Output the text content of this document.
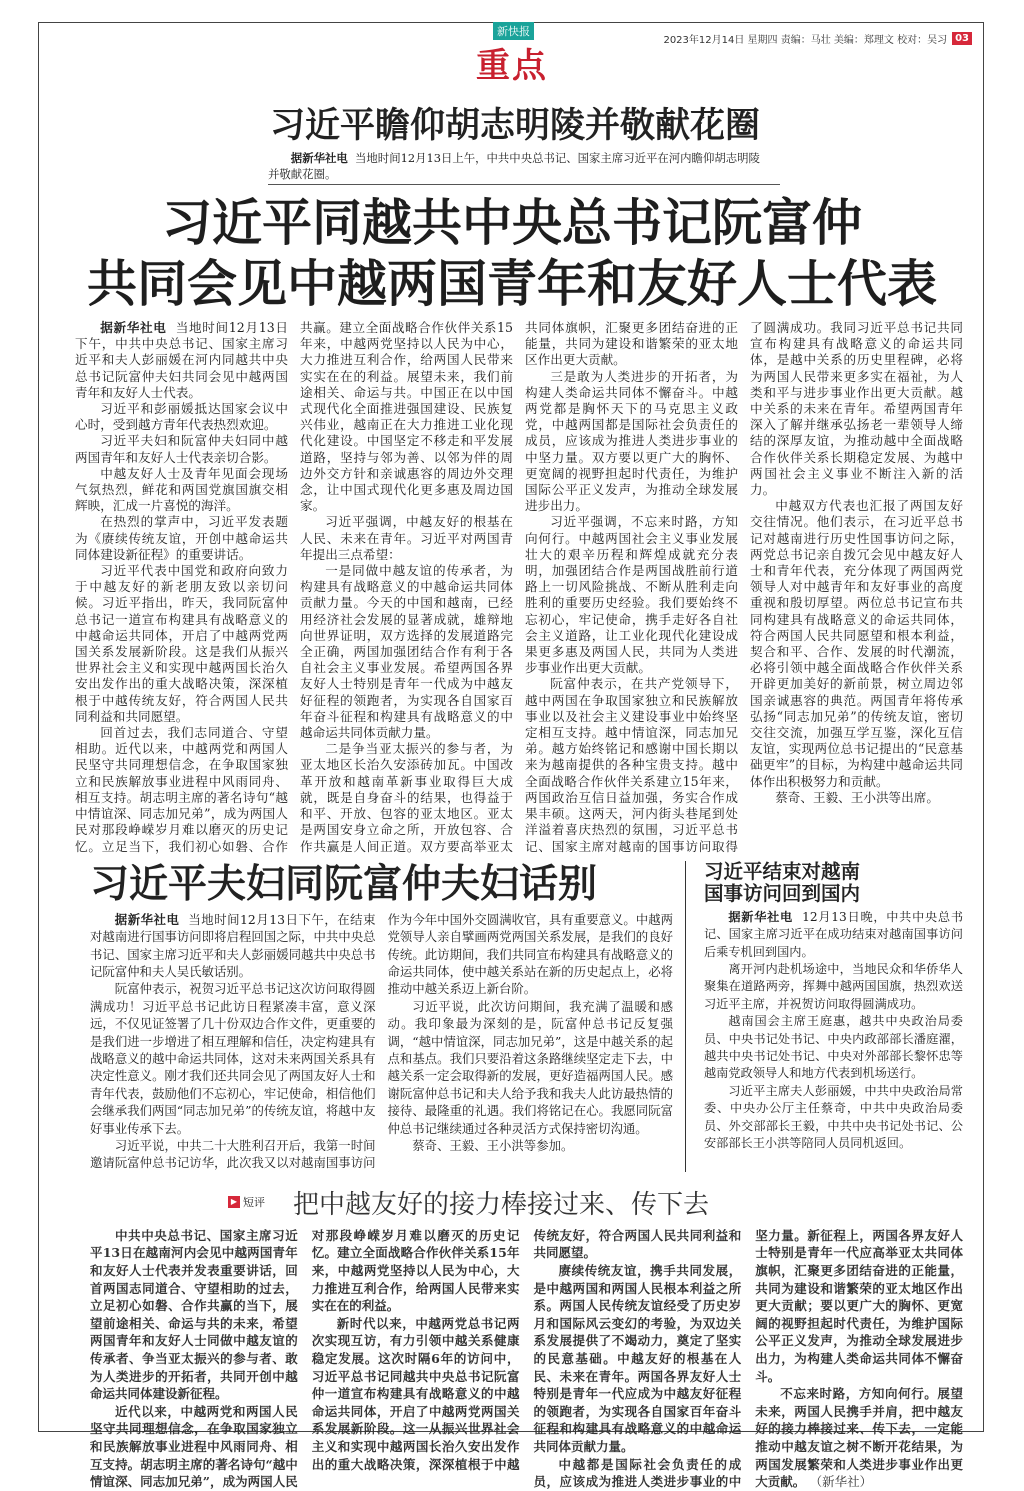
新快报
重点
2023年12月14日 星期四 责编：马壮 美编：郑理文 校对：吴习 03
习近平瞻仰胡志明陵并敬献花圈
据新华社电 当地时间12月13日上午，中共中央总书记、国家主席习近平在河内瞻仰胡志明陵并敬献花圈。
习近平同越共中央总书记阮富仲
共同会见中越两国青年和友好人士代表

据新华社电 当地时间12月13日下午，中共中央总书记、国家主席习近平和夫人彭丽媛在河内同越共中央总书记阮富仲夫妇共同会见中越两国青年和友好人士代表。

习近平和彭丽媛抵达国家会议中心时，受到越方青年代表热烈欢迎。

习近平夫妇和阮富仲夫妇同中越两国青年和友好人士代表亲切合影。

中越友好人士及青年见面会现场气氛热烈，鲜花和两国党旗国旗交相辉映，汇成一片喜悦的海洋。

在热烈的掌声中，习近平发表题为《赓续传统友谊，开创中越命运共同体建设新征程》的重要讲话。

习近平代表中国党和政府向致力于中越友好的新老朋友致以亲切问候。习近平指出，昨天，我同阮富仲总书记一道宣布构建具有战略意义的中越命运共同体，开启了中越两党两国关系发展新阶段。这是我们从振兴世界社会主义和实现中越两国长治久安出发作出的重大战略决策，深深植根于中越传统友好，符合两国人民共同利益和共同愿望。

回首过去，我们志同道合、守望相助。近代以来，中越两党和两国人民坚守共同理想信念，在争取国家独立和民族解放事业进程中风雨同舟、相互支持。胡志明主席的著名诗句“越中情谊深、同志加兄弟”，成为两国人民对那段峥嵘岁月难以磨灭的历史记忆。立足当下，我们初心如磐、合作共赢。建立全面战略合作伙伴关系15年来，中越两党坚持以人民为中心，大力推进互利合作，给两国人民带来实实在在的利益。展望未来，我们前途相关、命运与共。中国正在以中国式现代化全面推进强国建设、民族复兴伟业，越南正在大力推进工业化现代化建设。中国坚定不移走和平发展道路，坚持与邻为善、以邻为伴的周边外交方针和亲诚惠容的周边外交理念，让中国式现代化更多惠及周边国家。

习近平强调，中越友好的根基在人民、未来在青年。习近平对两国青年提出三点希望：

一是同做中越友谊的传承者，为构建具有战略意义的中越命运共同体贡献力量。今天的中国和越南，已经用经济社会发展的显著成就，雄辩地向世界证明，双方选择的发展道路完全正确，两国加强团结合作有利于各自社会主义事业发展。希望两国各界友好人士特别是青年一代成为中越友好征程的领跑者，为实现各自国家百年奋斗征程和构建具有战略意义的中越命运共同体贡献力量。

二是争当亚太振兴的参与者，为亚太地区长治久安添砖加瓦。中国改革开放和越南革新事业取得巨大成就，既是自身奋斗的结果，也得益于和平、开放、包容的亚太地区。亚太是两国安身立命之所，开放包容、合作共赢是人间正道。双方要高举亚太共同体旗帜，汇聚更多团结奋进的正能量，共同为建设和谐繁荣的亚太地区作出更大贡献。

三是敢为人类进步的开拓者，为构建人类命运共同体不懈奋斗。中越两党都是胸怀天下的马克思主义政党，中越两国都是国际社会负责任的成员，应该成为推进人类进步事业的中坚力量。双方要以更广大的胸怀、更宽阔的视野担起时代责任，为维护国际公平正义发声，为推动全球发展进步出力。

习近平强调，不忘来时路，方知向何行。中越两国社会主义事业发展壮大的艰辛历程和辉煌成就充分表明，加强团结合作是两国战胜前行道路上一切风险挑战、不断从胜利走向胜利的重要历史经验。我们要始终不忘初心，牢记使命，携手走好各自社会主义道路，让工业化现代化建设成果更多惠及两国人民，共同为人类进步事业作出更大贡献。

阮富仲表示，在共产党领导下，越中两国在争取国家独立和民族解放事业以及社会主义建设事业中始终坚定相互支持。越中情谊深，同志加兄弟。越方始终铭记和感谢中国长期以来为越南提供的各种宝贵支持。越中全面战略合作伙伴关系建立15年来，两国政治互信日益加强，务实合作成果丰硕。这两天，河内街头巷尾到处洋溢着喜庆热烈的氛围，习近平总书记、国家主席对越南的国事访问取得了圆满成功。我同习近平总书记共同宣布构建具有战略意义的命运共同体，是越中关系的历史里程碑，必将为两国人民带来更多实在福祉，为人类和平与进步事业作出更大贡献。越中关系的未来在青年。希望两国青年深入了解并继承弘扬老一辈领导人缔结的深厚友谊，为推动越中全面战略合作伙伴关系长期稳定发展、为越中两国社会主义事业不断注入新的活力。

中越双方代表也汇报了两国友好交往情况。他们表示，在习近平总书记对越南进行历史性国事访问之际，两党总书记亲自拨冗会见中越友好人士和青年代表，充分体现了两国两党领导人对中越青年和友好事业的高度重视和殷切厚望。两位总书记宣布共同构建具有战略意义的命运共同体，符合两国人民共同愿望和根本利益，契合和平、合作、发展的时代潮流，必将引领中越全面战略合作伙伴关系开辟更加美好的新前景，树立周边邻国亲诚惠容的典范。两国青年将传承弘扬“同志加兄弟”的传统友谊，密切交往交流，加强互学互鉴，深化互信友谊，实现两位总书记提出的“民意基础更牢”的目标，为构建中越命运共同体作出积极努力和贡献。

蔡奇、王毅、王小洪等出席。

习近平夫妇同阮富仲夫妇话别

据新华社电 当地时间12月13日下午，在结束对越南进行国事访问即将启程回国之际，中共中央总书记、国家主席习近平和夫人彭丽媛同越共中央总书记阮富仲和夫人吴氏敏话别。

阮富仲表示，祝贺习近平总书记这次访问取得圆满成功！习近平总书记此访日程紧凑丰富，意义深远，不仅见证签署了几十份双边合作文件，更重要的是我们进一步增进了相互理解和信任，决定构建具有战略意义的越中命运共同体，这对未来两国关系具有决定性意义。刚才我们还共同会见了两国友好人士和青年代表，鼓励他们不忘初心，牢记使命，相信他们会继承我们两国“同志加兄弟”的传统友谊，将越中友好事业传承下去。

习近平说，中共二十大胜利召开后，我第一时间邀请阮富仲总书记访华，此次我又以对越南国事访问作为今年中国外交圆满收官，具有重要意义。中越两党领导人亲自擘画两党两国关系发展，是我们的良好传统。此访期间，我们共同宣布构建具有战略意义的命运共同体，使中越关系站在新的历史起点上，必将推动中越关系迈上新台阶。

习近平说，此次访问期间，我充满了温暖和感动。我印象最为深刻的是，阮富仲总书记反复强调，“越中情谊深，同志加兄弟”，这是中越关系的起点和基点。我们只要沿着这条路继续坚定走下去，中越关系一定会取得新的发展，更好造福两国人民。感谢阮富仲总书记和夫人给予我和我夫人此访最热情的接待、最隆重的礼遇。我们将铭记在心。我愿同阮富仲总书记继续通过各种灵活方式保持密切沟通。

蔡奇、王毅、王小洪等参加。

习近平结束对越南
国事访问回到国内

据新华社电 12月13日晚，中共中央总书记、国家主席习近平在成功结束对越南国事访问后乘专机回到国内。

离开河内赴机场途中，当地民众和华侨华人聚集在道路两旁，挥舞中越两国国旗，热烈欢送习近平主席，并祝贺访问取得圆满成功。

越南国会主席王庭惠，越共中央政治局委员、中央书记处书记、中央内政部部长潘庭濯，越共中央书记处书记、中央对外部部长黎怀忠等越南党政领导人和地方代表到机场送行。

习近平主席夫人彭丽媛，中共中央政治局常委、中央办公厅主任蔡奇，中共中央政治局委员、外交部部长王毅，中共中央书记处书记、公安部部长王小洪等陪同人员同机返回。

▶ 短评 把中越友好的接力棒接过来、传下去

中共中央总书记、国家主席习近平13日在越南河内会见中越两国青年和友好人士代表并发表重要讲话，回首两国志同道合、守望相助的过去，立足初心如磐、合作共赢的当下，展望前途相关、命运与共的未来，希望两国青年和友好人士同做中越友谊的传承者、争当亚太振兴的参与者、敢为人类进步的开拓者，共同开创中越命运共同体建设新征程。

近代以来，中越两党和两国人民坚守共同理想信念，在争取国家独立和民族解放事业进程中风雨同舟、相互支持。胡志明主席的著名诗句“越中情谊深、同志加兄弟”，成为两国人民对那段峥嵘岁月难以磨灭的历史记忆。建立全面战略合作伙伴关系15年来，中越两党坚持以人民为中心，大力推进互利合作，给两国人民带来实实在在的利益。

新时代以来，中越两党总书记两次实现互访，有力引领中越关系健康稳定发展。这次时隔6年的访问中，习近平总书记同越共中央总书记阮富仲一道宣布构建具有战略意义的中越命运共同体，开启了中越两党两国关系发展新阶段。这一从振兴世界社会主义和实现中越两国长治久安出发作出的重大战略决策，深深植根于中越传统友好，符合两国人民共同利益和共同愿望。

赓续传统友谊，携手共同发展，是中越两国和两国人民根本利益之所系。两国人民传统友谊经受了历史岁月和国际风云变幻的考验，为双边关系发展提供了不竭动力，奠定了坚实的民意基础。中越友好的根基在人民、未来在青年。两国各界友好人士特别是青年一代应成为中越友好征程的领跑者，为实现各自国家百年奋斗征程和构建具有战略意义的中越命运共同体贡献力量。

中越都是国际社会负责任的成员，应该成为推进人类进步事业的中坚力量。新征程上，两国各界友好人士特别是青年一代应高举亚太共同体旗帜，汇聚更多团结奋进的正能量，共同为建设和谐繁荣的亚太地区作出更大贡献；要以更广大的胸怀、更宽阔的视野担起时代责任，为维护国际公平正义发声，为推动全球发展进步出力，为构建人类命运共同体不懈奋斗。

不忘来时路，方知向何行。展望未来，两国人民携手并肩，把中越友好的接力棒接过来、传下去，一定能推动中越友谊之树不断开花结果，为两国发展繁荣和人类进步事业作出更大贡献。 （新华社）
